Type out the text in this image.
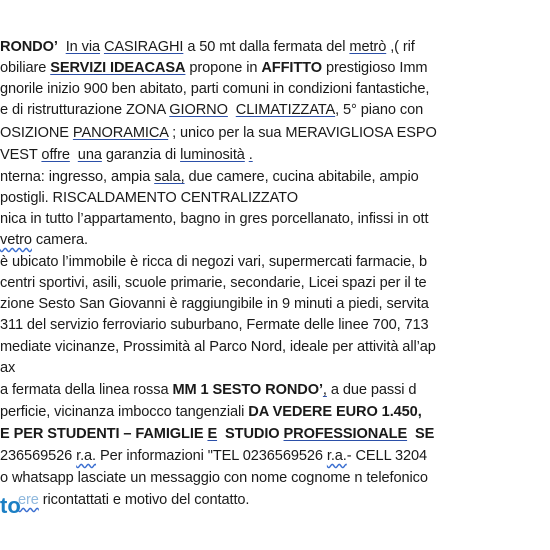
RONDO’ In via CASIRAGHI a 50 mt dalla fermata del metrò ,( rif
obiliare SERVIZI IDEACASA propone in AFFITTO prestigioso Imm
gnorile inizio 900 ben abitato, parti comuni in condizioni fantastiche,
e di ristrutturazione ZONA GIORNO CLIMATIZZATA, 5° piano con
OSIZIONE PANORAMICA ; unico per la sua MERAVIGLIOSA ESPO
VEST offre una garanzia di luminosità .
nterna: ingresso, ampia sala, due camere, cucina abitabile, ampio
postigli. RISCALDAMENTO CENTRALIZZATO
nica in tutto l’appartamento, bagno in gres porcellanato, infissi in ott
vetro camera.
è ubicato l’immobile è ricca di negozi vari, supermercati farmacie, b
centri sportivi, asili, scuole primarie, secondarie, Licei spazi per il te
zione Sesto San Giovanni è raggiungibile in 9 minuti a piedi, servita
311 del servizio ferroviario suburbano, Fermate delle linee 700, 713
mediate vicinanze, Prossimità al Parco Nord, ideale per attività all’ap
ax
a fermata della linea rossa MM 1 SESTO RONDO’, a due passi d
perficie, vicinanza imbocco tangenziali DA VEDERE EURO 1.450,
E PER STUDENTI – FAMIGLIE E STUDIO PROFESSIONALE SE
236569526 r.a. Per informazioni "TEL 0236569526 r.a.- CELL 3204
o whatsapp lasciate un messaggio con nome cognome n telefonico
ere ricontattati e motivo del contatto.
to
